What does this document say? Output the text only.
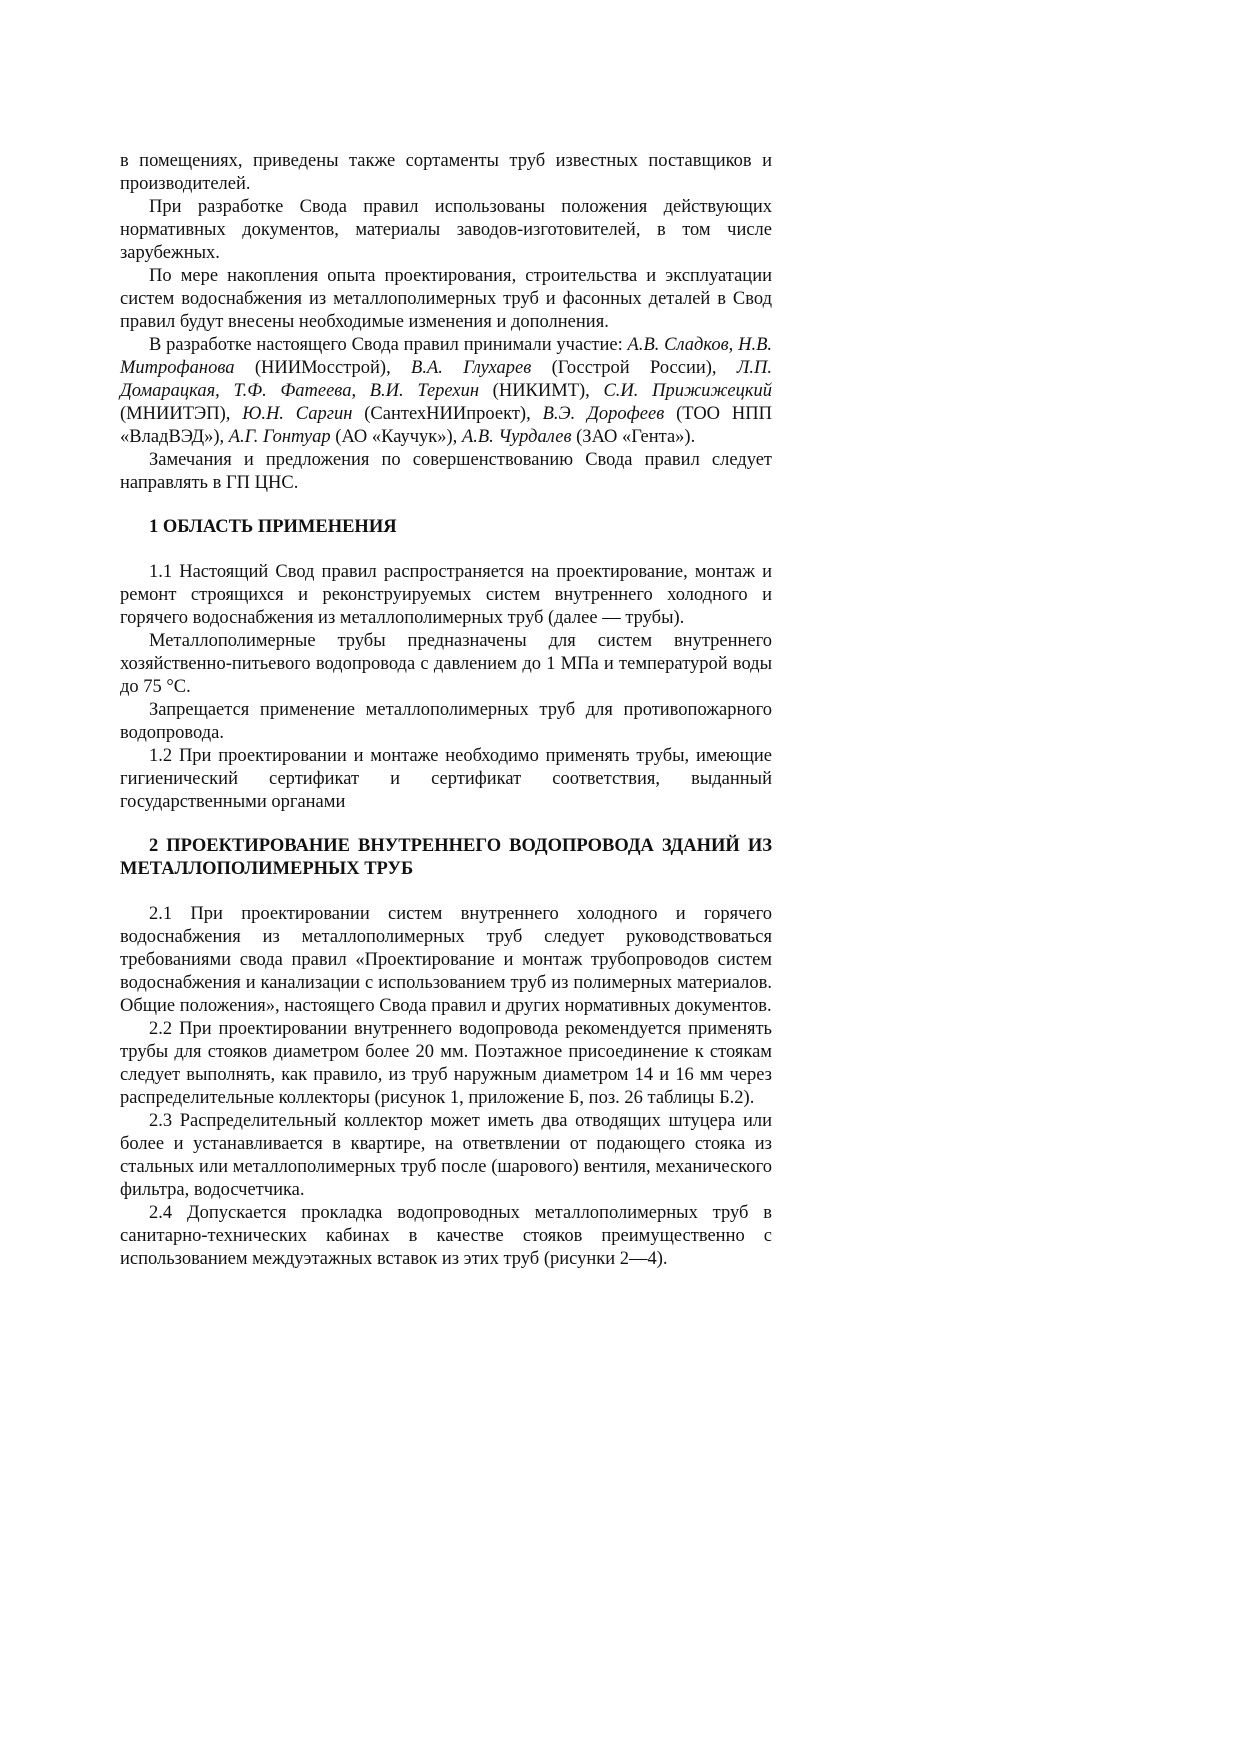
в помещениях, приведены также сортаменты труб известных поставщиков и производителей.

При разработке Свода правил использованы положения действующих нормативных документов, материалы заводов-изготовителей, в том числе зарубежных.

По мере накопления опыта проектирования, строительства и эксплуатации систем водоснабжения из металлополимерных труб и фасонных деталей в Свод правил будут внесены необходимые изменения и дополнения.

В разработке настоящего Свода правил принимали участие: А.В. Сладков, Н.В. Митрофанова (НИИМосстрой), В.А. Глухарев (Госстрой России), Л.П. Домарацкая, Т.Ф. Фатеева, В.И. Терехин (НИКИМТ), С.И. Прижижецкий (МНИИТЭП), Ю.Н. Саргин (СантехНИИпроект), В.Э. Дорофеев (ТОО НПП «ВладВЭД»), А.Г. Гонтуар (АО «Каучук»), А.В. Чурдалев (ЗАО «Гента»).

Замечания и предложения по совершенствованию Свода правил следует направлять в ГП ЦНС.

1 ОБЛАСТЬ ПРИМЕНЕНИЯ

1.1 Настоящий Свод правил распространяется на проектирование, монтаж и ремонт строящихся и реконструируемых систем внутреннего холодного и горячего водоснабжения из металлополимерных труб (далее — трубы).

Металлополимерные трубы предназначены для систем внутреннего хозяйственно-питьевого водопровода с давлением до 1 МПа и температурой воды до 75 °С.

Запрещается применение металлополимерных труб для противопожарного водопровода.

1.2 При проектировании и монтаже необходимо применять трубы, имеющие гигиенический сертификат и сертификат соответствия, выданный государственными органами

2 ПРОЕКТИРОВАНИЕ ВНУТРЕННЕГО ВОДОПРОВОДА ЗДАНИЙ ИЗ МЕТАЛЛОПОЛИМЕРНЫХ ТРУБ

2.1 При проектировании систем внутреннего холодного и горячего водоснабжения из металлополимерных труб следует руководствоваться требованиями свода правил «Проектирование и монтаж трубопроводов систем водоснабжения и канализации с использованием труб из полимерных материалов. Общие положения», настоящего Свода правил и других нормативных документов.

2.2 При проектировании внутреннего водопровода рекомендуется применять трубы для стояков диаметром более 20 мм. Поэтажное присоединение к стоякам следует выполнять, как правило, из труб наружным диаметром 14 и 16 мм через распределительные коллекторы (рисунок 1, приложение Б, поз. 26 таблицы Б.2).

2.3 Распределительный коллектор может иметь два отводящих штуцера или более и устанавливается в квартире, на ответвлении от подающего стояка из стальных или металлополимерных труб после (шарового) вентиля, механического фильтра, водосчетчика.

2.4 Допускается прокладка водопроводных металлополимерных труб в санитарно-технических кабинах в качестве стояков преимущественно с использованием междуэтажных вставок из этих труб (рисунки 2—4).
